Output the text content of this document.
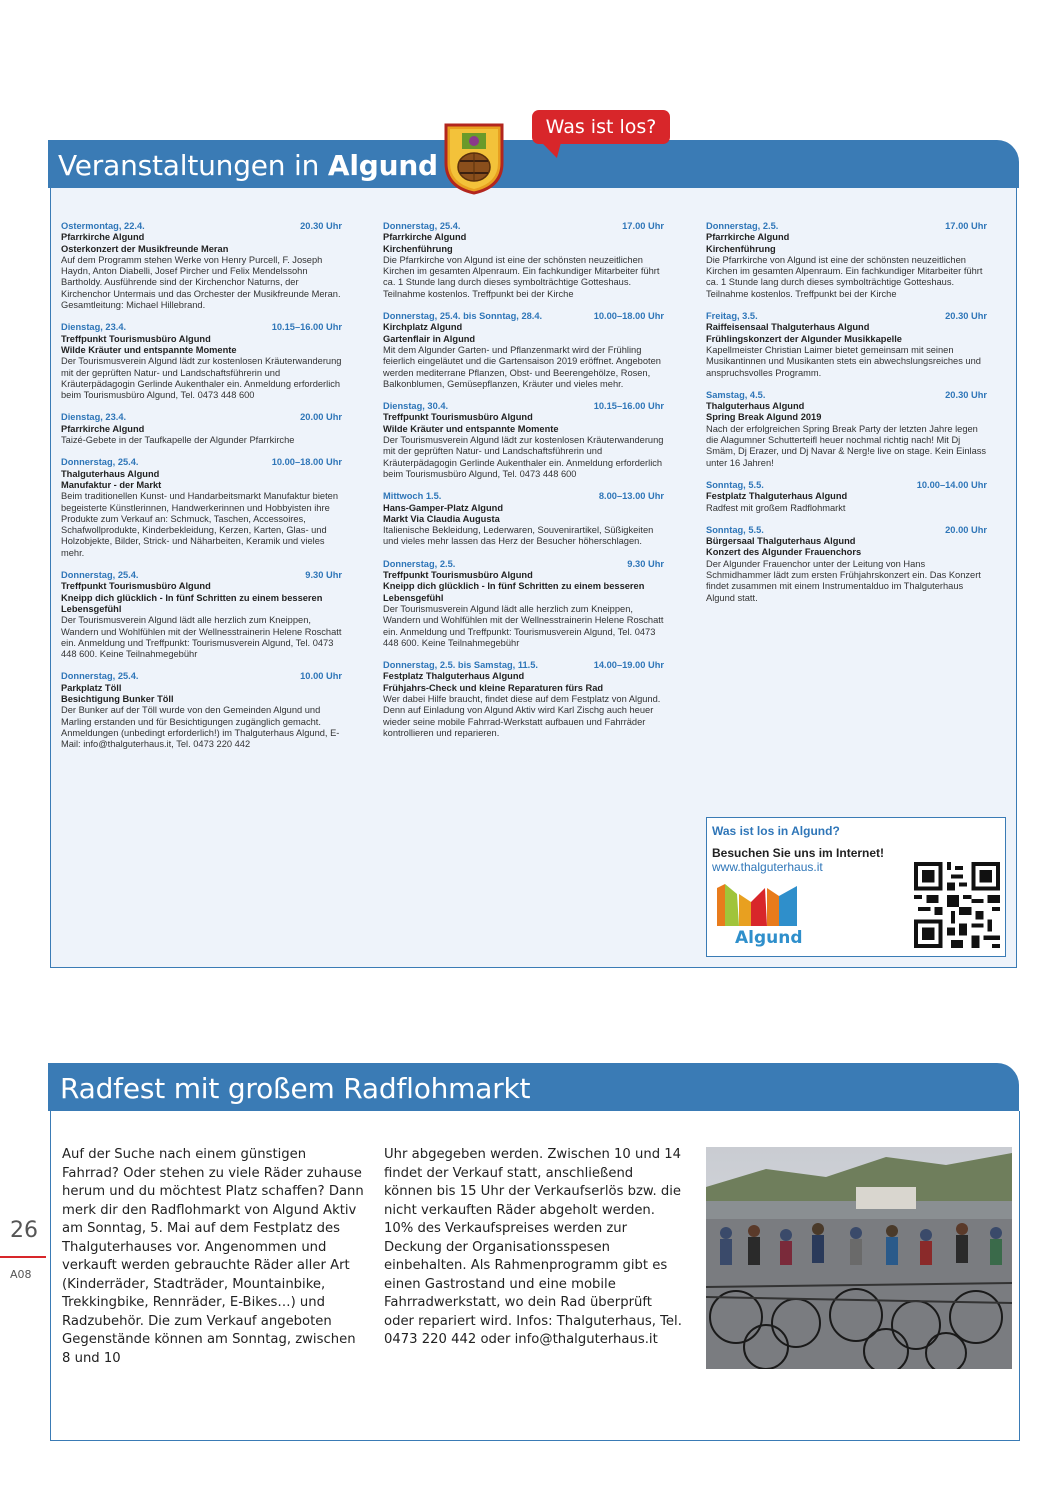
Veranstaltungen in Algund
Was ist los?
Ostermontag, 22.4.	20.30 Uhr
Pfarrkirche Algund
Osterkonzert der Musikfreunde Meran
Auf dem Programm stehen Werke von Henry Purcell, F. Joseph Haydn, Anton Diabelli, Josef Pircher und Felix Mendelssohn Bartholdy. Ausführende sind der Kirchenchor Naturns, der Kirchenchor Untermais und das Orchester der Musikfreunde Meran. Gesamtleitung: Michael Hillebrand.
Dienstag, 23.4.	10.15–16.00 Uhr
Treffpunkt Tourismusbüro Algund
Wilde Kräuter und entspannte Momente
Der Tourismusverein Algund lädt zur kostenlosen Kräuterwanderung mit der geprüften Natur- und Landschaftsführerin und Kräuterpädagogin Gerlinde Aukenthaler ein. Anmeldung erforderlich beim Tourismusbüro Algund, Tel. 0473 448 600
Dienstag, 23.4.	20.00 Uhr
Pfarrkirche Algund
Taizé-Gebete in der Taufkapelle der Algunder Pfarrkirche
Donnerstag, 25.4.	10.00–18.00 Uhr
Thalguterhaus Algund
Manufaktur - der Markt
Beim traditionellen Kunst- und Handarbeitsmarkt Manufaktur bieten begeisterte Künstlerinnen, Handwerkerinnen und Hobbyisten ihre Produkte zum Verkauf an: Schmuck, Taschen, Accessoires, Schafwollprodukte, Kinderbekleidung, Kerzen, Karten, Glas- und Holzobjekte, Bilder, Strick- und Näharbeiten, Keramik und vieles mehr.
Donnerstag, 25.4.	9.30 Uhr
Treffpunkt Tourismusbüro Algund
Kneipp dich glücklich - In fünf Schritten zu einem besseren Lebensgefühl
Der Tourismusverein Algund lädt alle herzlich zum Kneippen, Wandern und Wohlfühlen mit der Wellnesstrainerin Helene Roschatt ein. Anmeldung und Treffpunkt: Tourismusverein Algund, Tel. 0473 448 600. Keine Teilnahmegebühr
Donnerstag, 25.4.	10.00 Uhr
Parkplatz Töll
Besichtigung Bunker Töll
Der Bunker auf der Töll wurde von den Gemeinden Algund und Marling erstanden und für Besichtigungen zugänglich gemacht. Anmeldungen (unbedingt erforderlich!) im Thalguterhaus Algund, E-Mail: info@thalguterhaus.it, Tel. 0473 220 442
Donnerstag, 25.4.	17.00 Uhr
Pfarrkirche Algund
Kirchenführung
Die Pfarrkirche von Algund ist eine der schönsten neuzeitlichen Kirchen im gesamten Alpenraum. Ein fachkundiger Mitarbeiter führt ca. 1 Stunde lang durch dieses symbolträchtige Gotteshaus. Teilnahme kostenlos. Treffpunkt bei der Kirche
Donnerstag, 25.4. bis Sonntag, 28.4.	10.00–18.00 Uhr
Kirchplatz Algund
Gartenflair in Algund
Mit dem Algunder Garten- und Pflanzenmarkt wird der Frühling feierlich eingeläutet und die Gartensaison 2019 eröffnet. Angeboten werden mediterrane Pflanzen, Obst- und Beerengehölze, Rosen, Balkonblumen, Gemüsepflanzen, Kräuter und vieles mehr.
Dienstag, 30.4.	10.15–16.00 Uhr
Treffpunkt Tourismusbüro Algund
Wilde Kräuter und entspannte Momente
Der Tourismusverein Algund lädt zur kostenlosen Kräuterwanderung mit der geprüften Natur- und Landschaftsführerin und Kräuterpädagogin Gerlinde Aukenthaler ein. Anmeldung erforderlich beim Tourismusbüro Algund, Tel. 0473 448 600
Mittwoch 1.5.	8.00–13.00 Uhr
Hans-Gamper-Platz Algund
Markt Via Claudia Augusta
Italienische Bekleidung, Lederwaren, Souvenirartikel, Süßigkeiten und vieles mehr lassen das Herz der Besucher höherschlagen.
Donnerstag, 2.5.	9.30 Uhr
Treffpunkt Tourismusbüro Algund
Kneipp dich glücklich - In fünf Schritten zu einem besseren Lebensgefühl
Der Tourismusverein Algund lädt alle herzlich zum Kneippen, Wandern und Wohlfühlen mit der Wellnesstrainerin Helene Roschatt ein. Anmeldung und Treffpunkt: Tourismusverein Algund, Tel. 0473 448 600. Keine Teilnahmegebühr
Donnerstag, 2.5. bis Samstag, 11.5.	14.00–19.00 Uhr
Festplatz Thalguterhaus Algund
Frühjahrs-Check und kleine Reparaturen fürs Rad
Wer dabei Hilfe braucht, findet diese auf dem Festplatz von Algund. Denn auf Einladung von Algund Aktiv wird Karl Zischg auch heuer wieder seine mobile Fahrrad-Werkstatt aufbauen und Fahrräder kontrollieren und reparieren.
Donnerstag, 2.5.	17.00 Uhr
Pfarrkirche Algund
Kirchenführung
Die Pfarrkirche von Algund ist eine der schönsten neuzeitlichen Kirchen im gesamten Alpenraum. Ein fachkundiger Mitarbeiter führt ca. 1 Stunde lang durch dieses symbolträchtige Gotteshaus. Teilnahme kostenlos. Treffpunkt bei der Kirche
Freitag, 3.5.	20.30 Uhr
Raiffeisensaal Thalguterhaus Algund
Frühlingskonzert der Algunder Musikkapelle
Kapellmeister Christian Laimer bietet gemeinsam mit seinen Musikantinnen und Musikanten stets ein abwechslungsreiches und anspruchsvolles Programm.
Samstag, 4.5.	20.30 Uhr
Thalguterhaus Algund
Spring Break Algund 2019
Nach der erfolgreichen Spring Break Party der letzten Jahre legen die Alagumner Schutterteifl heuer nochmal richtig nach! Mit Dj Smäm, Dj Erazer, und Dj Navar & Nerg!e live on stage. Kein Einlass unter 16 Jahren!
Sonntag, 5.5.	10.00–14.00 Uhr
Festplatz Thalguterhaus Algund
Radfest mit großem Radflohmarkt
Sonntag, 5.5.	20.00 Uhr
Bürgersaal Thalguterhaus Algund
Konzert des Algunder Frauenchors
Der Algunder Frauenchor unter der Leitung von Hans Schmidhammer lädt zum ersten Frühjahrskonzert ein. Das Konzert findet zusammen mit einem Instrumentalduo im Thalguterhaus Algund statt.
Was ist los in Algund?
Besuchen Sie uns im Internet!
www.thalguterhaus.it
Algund
Radfest mit großem Radflohmarkt
Auf der Suche nach einem günstigen Fahrrad? Oder stehen zu viele Räder zuhause herum und du möchtest Platz schaffen? Dann merk dir den Radflohmarkt von Algund Aktiv am Sonntag, 5. Mai auf dem Festplatz des Thalguterhauses vor. Angenommen und verkauft werden gebrauchte Räder aller Art (Kinderräder, Stadträder, Mountainbike, Trekkingbike, Rennräder, E-Bikes…) und Radzubehör. Die zum Verkauf angeboten Gegenstände können am Sonntag, zwischen 8 und 10
Uhr abgegeben werden. Zwischen 10 und 14 findet der Verkauf statt, anschließend können bis 15 Uhr der Verkaufserlös bzw. die nicht verkauften Räder abgeholt werden. 10% des Verkaufspreises werden zur Deckung der Organisationsspesen einbehalten. Als Rahmenprogramm gibt es einen Gastrostand und eine mobile Fahrradwerkstatt, wo dein Rad überprüft oder repariert wird. Infos: Thalguterhaus, Tel. 0473 220 442 oder info@thalguterhaus.it
26
A08
